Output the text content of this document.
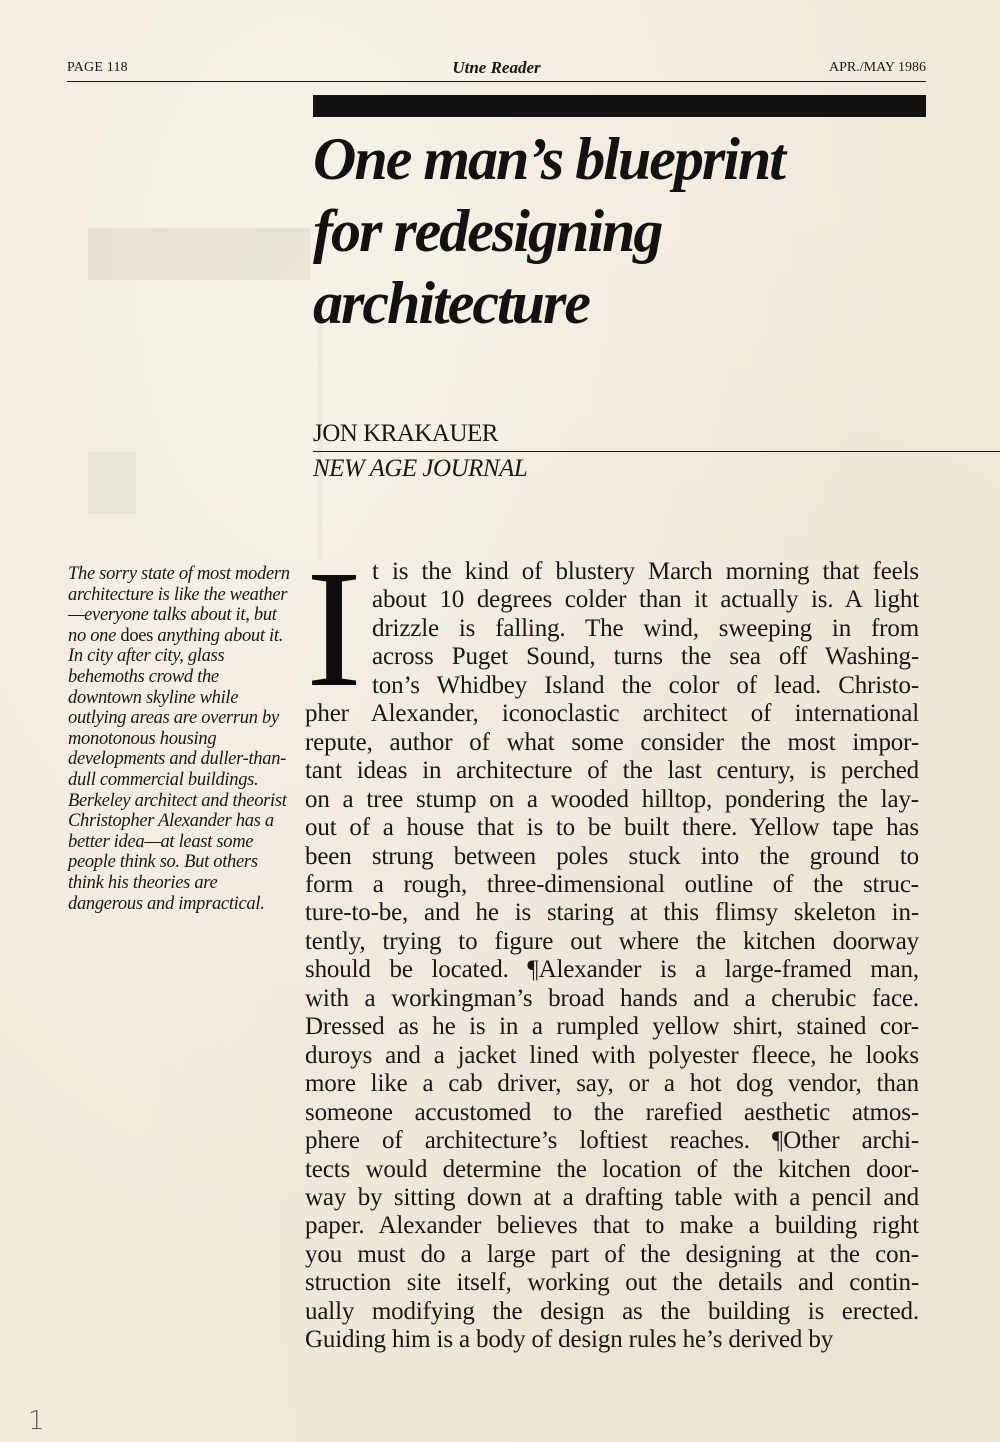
PAGE 118	Utne Reader	APR./MAY 1986
One man’s blueprint
for redesigning
architecture
JON KRAKAUER
NEW AGE JOURNAL
The sorry state of most modern architecture is like the weather—everyone talks about it, but no one does anything about it. In city after city, glass behemoths crowd the downtown skyline while outlying areas are overrun by monotonous housing developments and duller-than-dull commercial buildings. Berkeley architect and theorist Christopher Alexander has a better idea—at least some people think so. But others think his theories are dangerous and impractical.
I t is the kind of blustery March morning that feels
about 10 degrees colder than it actually is. A light
drizzle is falling. The wind, sweeping in from
across Puget Sound, turns the sea off Washing-
ton’s Whidbey Island the color of lead. Christo-
pher Alexander, iconoclastic architect of international
repute, author of what some consider the most impor-
tant ideas in architecture of the last century, is perched
on a tree stump on a wooded hilltop, pondering the lay-
out of a house that is to be built there. Yellow tape has
been strung between poles stuck into the ground to
form a rough, three-dimensional outline of the struc-
ture-to-be, and he is staring at this flimsy skeleton in-
tently, trying to figure out where the kitchen doorway
should be located. ¶Alexander is a large-framed man,
with a workingman’s broad hands and a cherubic face.
Dressed as he is in a rumpled yellow shirt, stained cor-
duroys and a jacket lined with polyester fleece, he looks
more like a cab driver, say, or a hot dog vendor, than
someone accustomed to the rarefied aesthetic atmos-
phere of architecture’s loftiest reaches. ¶Other archi-
tects would determine the location of the kitchen door-
way by sitting down at a drafting table with a pencil and
paper. Alexander believes that to make a building right
you must do a large part of the designing at the con-
struction site itself, working out the details and contin-
ually modifying the design as the building is erected.
Guiding him is a body of design rules he’s derived by
1
